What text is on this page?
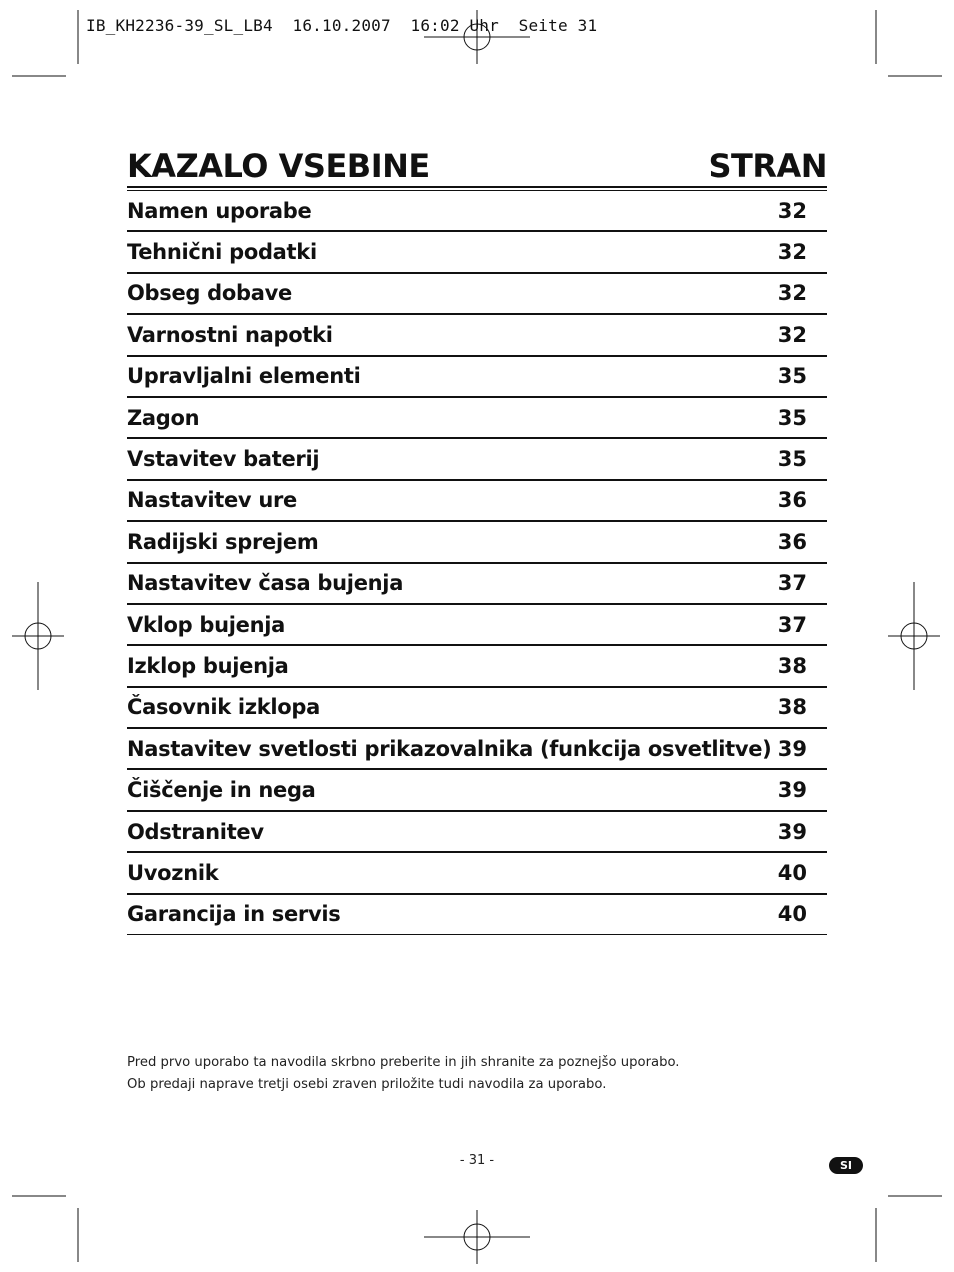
IB_KH2236-39_SL_LB4  16.10.2007  16:02 Uhr  Seite 31
KAZALO VSEBINE	STRAN
Namen uporabe	32
Tehnični podatki	32
Obseg dobave	32
Varnostni napotki	32
Upravljalni elementi	35
Zagon	35
Vstavitev baterij	35
Nastavitev ure	36
Radijski sprejem	36
Nastavitev časa bujenja	37
Vklop bujenja	37
Izklop bujenja	38
Časovnik izklopa	38
Nastavitev svetlosti prikazovalnika (funkcija osvetlitve) 39
Čiščenje in nega	39
Odstranitev	39
Uvoznik	40
Garancija in servis	40

Pred prvo uporabo ta navodila skrbno preberite in jih shranite za poznejšo uporabo.

Ob predaji naprave tretji osebi zraven priložite tudi navodila za uporabo.

- 31 -	SI
